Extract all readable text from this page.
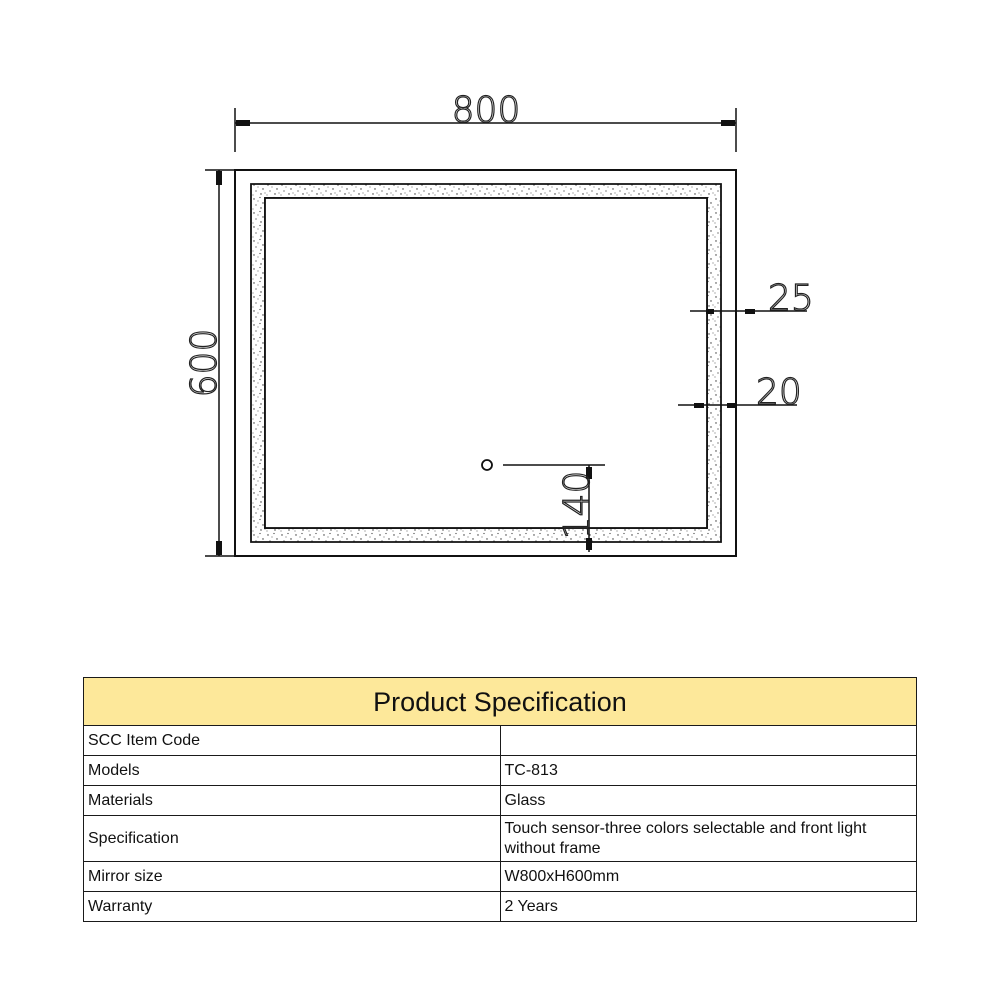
800
600
25
20
140
Product Specification	
SCC Item Code	
Models	TC-813
Materials	Glass
Specification	Touch sensor-three colors selectable and front light without frame
Mirror size	W800xH600mm
Warranty	2 Years
